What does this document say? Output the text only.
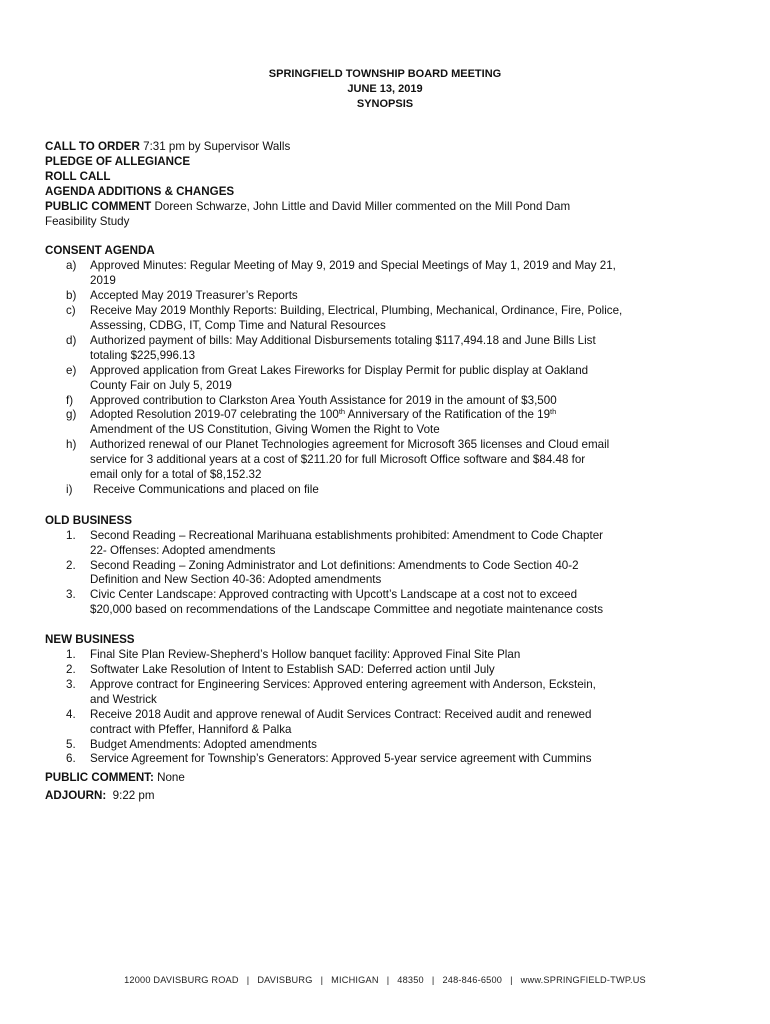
SPRINGFIELD TOWNSHIP BOARD MEETING
JUNE 13, 2019
SYNOPSIS
CALL TO ORDER 7:31 pm by Supervisor Walls
PLEDGE OF ALLEGIANCE
ROLL CALL
AGENDA ADDITIONS & CHANGES
PUBLIC COMMENT Doreen Schwarze, John Little and David Miller commented on the Mill Pond Dam
Feasibility Study
CONSENT AGENDA
a) Approved Minutes: Regular Meeting of May 9, 2019 and Special Meetings of May 1, 2019 and May 21,
2019
b) Accepted May 2019 Treasurer’s Reports
c) Receive May 2019 Monthly Reports: Building, Electrical, Plumbing, Mechanical, Ordinance, Fire, Police,
Assessing, CDBG, IT, Comp Time and Natural Resources
d) Authorized payment of bills: May Additional Disbursements totaling $117,494.18 and June Bills List
totaling $225,996.13
e) Approved application from Great Lakes Fireworks for Display Permit for public display at Oakland
County Fair on July 5, 2019
f) Approved contribution to Clarkston Area Youth Assistance for 2019 in the amount of $3,500
g) Adopted Resolution 2019-07 celebrating the 100th Anniversary of the Ratification of the 19th
Amendment of the US Constitution, Giving Women the Right to Vote
h) Authorized renewal of our Planet Technologies agreement for Microsoft 365 licenses and Cloud email
service for 3 additional years at a cost of $211.20 for full Microsoft Office software and $84.48 for
email only for a total of $8,152.32
i) Receive Communications and placed on file
OLD BUSINESS
1. Second Reading – Recreational Marihuana establishments prohibited: Amendment to Code Chapter
22- Offenses: Adopted amendments
2. Second Reading – Zoning Administrator and Lot definitions: Amendments to Code Section 40-2
Definition and New Section 40-36: Adopted amendments
3. Civic Center Landscape: Approved contracting with Upcott’s Landscape at a cost not to exceed
$20,000 based on recommendations of the Landscape Committee and negotiate maintenance costs
NEW BUSINESS
1. Final Site Plan Review-Shepherd’s Hollow banquet facility: Approved Final Site Plan
2. Softwater Lake Resolution of Intent to Establish SAD: Deferred action until July
3. Approve contract for Engineering Services: Approved entering agreement with Anderson, Eckstein,
and Westrick
4. Receive 2018 Audit and approve renewal of Audit Services Contract: Received audit and renewed
contract with Pfeffer, Hanniford & Palka
5. Budget Amendments: Adopted amendments
6. Service Agreement for Township’s Generators: Approved 5-year service agreement with Cummins
PUBLIC COMMENT: None
ADJOURN:  9:22 pm
12000 DAVISBURG ROAD | DAVISBURG | MICHIGAN | 48350 | 248-846-6500 | www.SPRINGFIELD-TWP.US
